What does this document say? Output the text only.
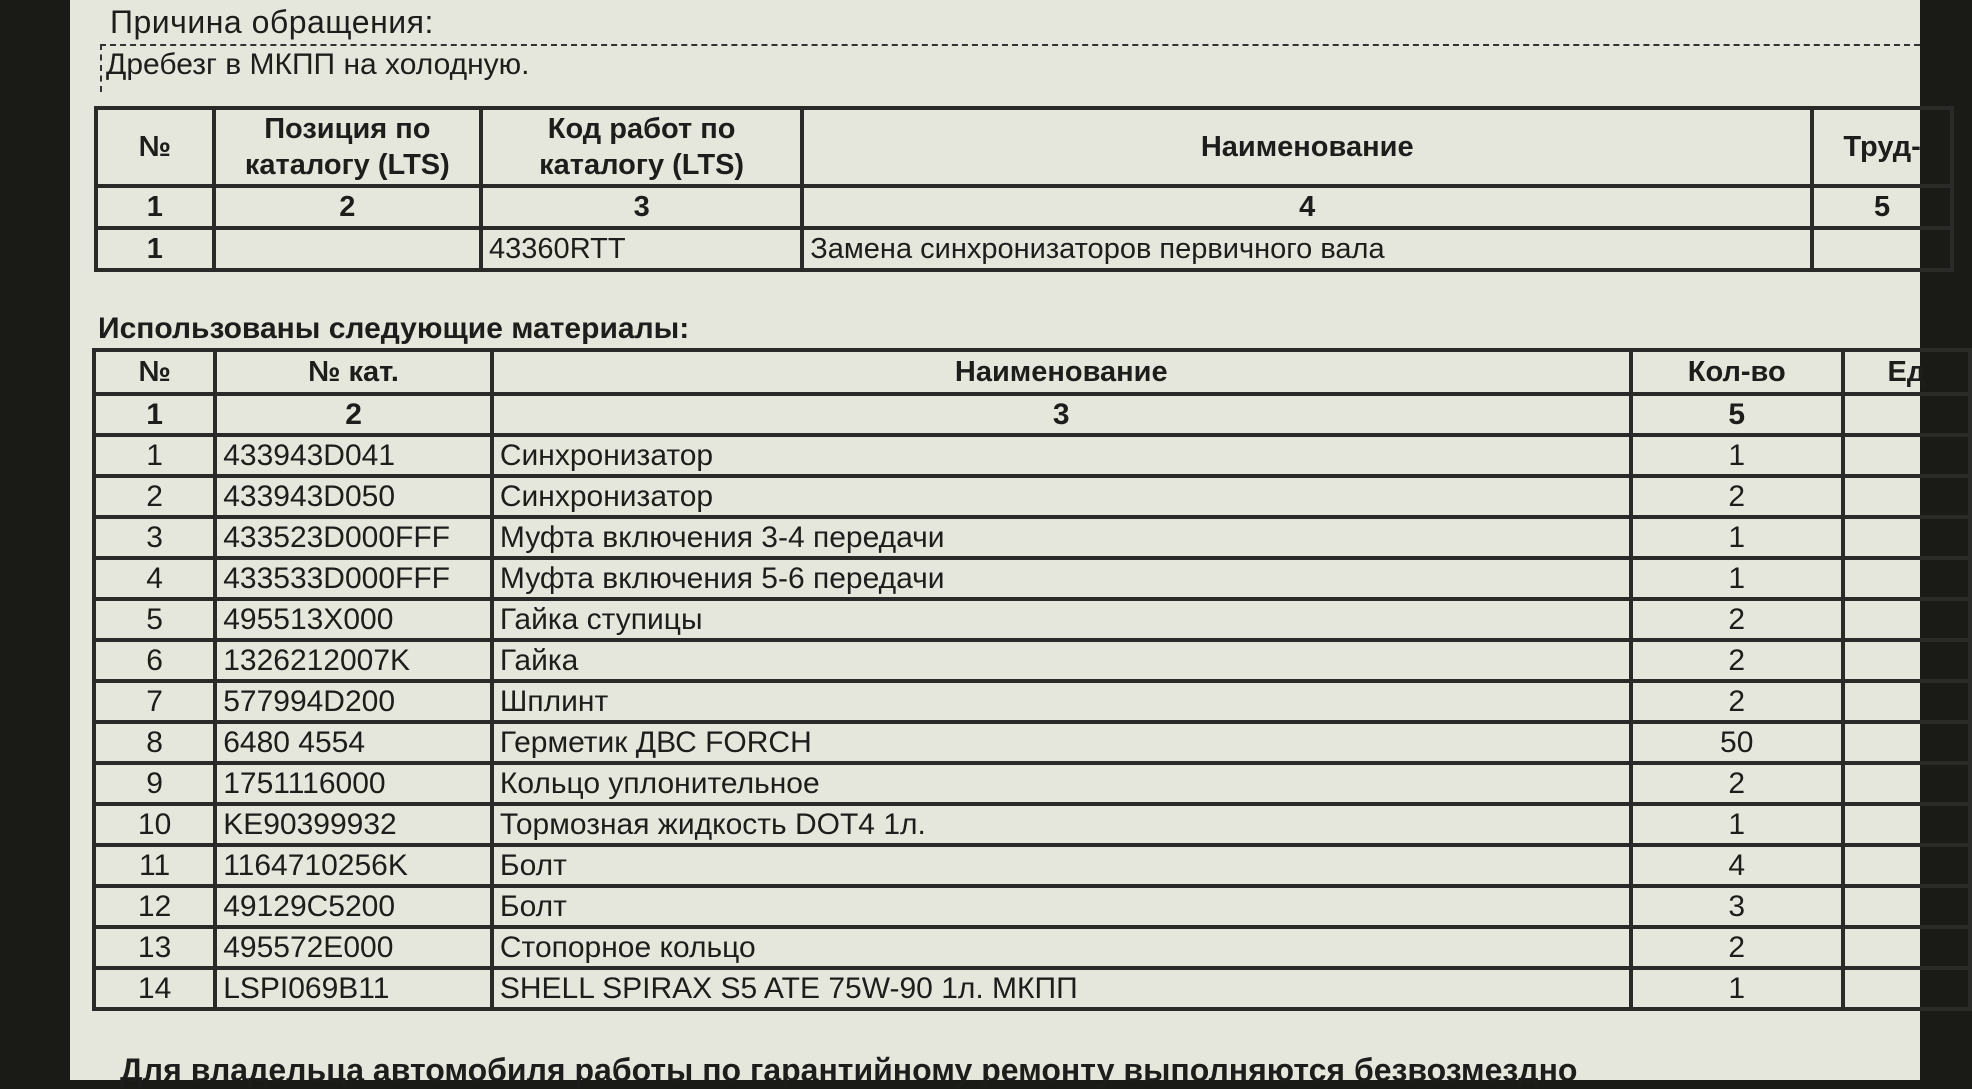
Причина обращения:
Дребезг в МКПП на холодную.
№	Позиция по каталогу (LTS)	Код работ по каталогу (LTS)	Наименование	Труд-
1	2	3	4	5
1		43360RTT	Замена синхронизаторов первичного вала	
Использованы следующие материалы:
№	№ кат.	Наименование	Кол-во	Ед
1	2	3	5	
1	433943D041	Синхронизатор	1	
2	433943D050	Синхронизатор	2	
3	433523D000FFF	Муфта включения 3-4 передачи	1	
4	433533D000FFF	Муфта включения 5-6 передачи	1	
5	495513X000	Гайка ступицы	2	
6	1326212007K	Гайка	2	
7	577994D200	Шплинт	2	
8	6480 4554	Герметик ДВС FORCH	50	
9	1751116000	Кольцо уплонительное	2	
10	KE90399932	Тормозная жидкость DOT4 1л.	1	
11	1164710256K	Болт	4	
12	49129C5200	Болт	3	
13	495572E000	Стопорное кольцо	2	
14	LSPI069B11	SHELL SPIRAX S5 ATE 75W-90 1л. МКПП	1	
Для владельца автомобиля работы по гарантийному ремонту выполняются безвозмездно
